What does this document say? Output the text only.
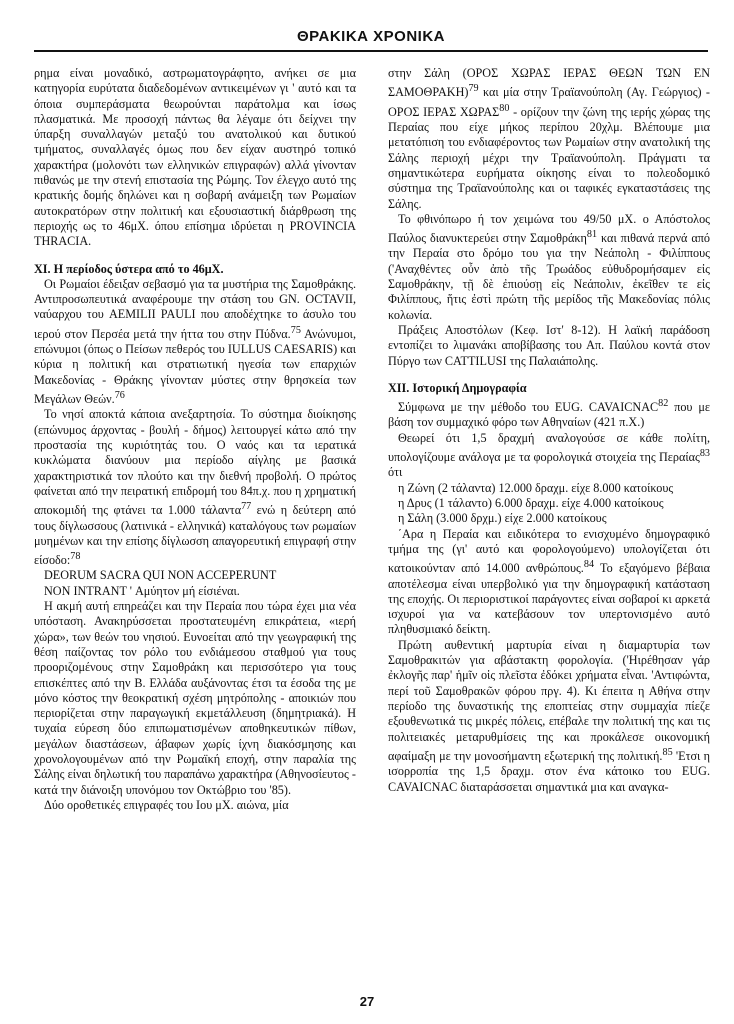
ΘΡΑΚΙΚΑ ΧΡΟΝΙΚΑ

ρημα είναι μοναδικό, αστρωματογράφητο, ανήκει σε μια κατηγορία ευρύτατα διαδεδομένων αντικειμένων γι ' αυτό και τα όποια συμπεράσματα θεωρούνται παράτολμα και ίσως πλασματικά. Με προσοχή πάντως θα λέγαμε ότι δείχνει την ύπαρξη συναλλαγών μεταξύ του ανατολικού και δυτικού τμήματος, συναλλαγές όμως που δεν είχαν αυστηρό τοπικό χαρακτήρα (μολονότι των ελληνικών επιγραφών) αλλά γίνονταν πιθανώς με την στενή επιστασία της Ρώμης. Τον έλεγχο αυτό της κρατικής δομής δηλώνει και η σοβαρή ανάμειξη των Ρωμαίων αυτοκρατόρων στην πολιτική και εξουσιαστική διάρθρωση της περιοχής ως το 46μΧ. όπου επίσημα ιδρύεται η PROVINCIA THRACIA.

XI. Η περίοδος ύστερα από το 46μΧ.

Οι Ρωμαίοι έδειξαν σεβασμό για τα μυστήρια της Σαμοθράκης. Αντιπροσωπευτικά αναφέρουμε την στάση του GN. OCTAVII, ναύαρχου του AEMILII PAULI που αποδέχτηκε το άσυλο του ιερού στον Περσέα μετά την ήττα του στην Πύδνα.$^{75}$ Ανώνυμοι, επώνυμοι (όπως ο Πείσων πεθερός του IULLUS CAESARIS) και κύρια η πολιτική και στρατιωτική ηγεσία των επαρχιών Μακεδονίας - Θράκης γίνονταν μύστες στην θρησκεία των Μεγάλων Θεών.$^{76}$

Το νησί αποκτά κάποια ανεξαρτησία. Το σύστημα διοίκησης (επώνυμος άρχοντας - βουλή - δήμος) λειτουργεί κάτω από την προστασία της κυριότητάς του. Ο ναός και τα ιερατικά κυκλώματα διανύουν μια περίοδο αίγλης με βασικά χαρακτηριστικά τον πλούτο και την διεθνή προβολή. Ο πρώτος φαίνεται από την πειρατική επιδρομή του 84π.χ. που η χρηματική αποκομιδή της φτάνει τα 1.000 τάλαντα$^{77}$ ενώ η δεύτερη από τους δίγλωσσους (λατινικά - ελληνικά) καταλόγους των ρωμαίων μυημένων και την επίσης δίγλωσση απαγορευτική επιγραφή στην είσοδο:$^{78}$

DEORUM SACRA QUI NON ACCEPERUNT

NON INTRANT ' Αμύητον μή είσιέναι.

Η ακμή αυτή επηρεάζει και την Περαία που τώρα έχει μια νέα υπόσταση. Ανακηρύσσεται προστατευμένη επικράτεια, «ιερή χώρα», των θεών του νησιού. Ευνοείται από την γεωγραφική της θέση παίζοντας τον ρόλο του ενδιάμεσου σταθμού για τους προοριζομένους στην Σαμοθράκη και περισσότερο για τους επισκέπτες από την Β. Ελλάδα αυξάνοντας έτσι τα έσοδα της με μόνο κόστος την θεοκρατική σχέση μητρόπολης - αποικιών που περιορίζεται στην παραγωγική εκμετάλλευση (δημητριακά). Η τυχαία εύρεση δύο επιπωματισμένων αποθηκευτικών πίθων, μεγάλων διαστάσεων, άβαφων χωρίς ίχνη διακόσμησης και χρονολογουμένων από την Ρωμαϊκή εποχή, στην παραλία της Σάλης είναι δηλωτική του παραπάνω χαρακτήρα (Αθηνοσίευτος - κατά την διάνοιξη υπονόμου τον Οκτώβριο του '85).

Δύο οροθετικές επιγραφές του Ιου μΧ. αιώνα, μία

στην Σάλη (ΟΡΟΣ ΧΩΡΑΣ ΙΕΡΑΣ ΘΕΩΝ ΤΩΝ ΕΝ ΣΑΜΟΘΡΑΚΗ)$^{79}$ και μία στην Τραϊανούπολη (Αγ. Γεώργιος) - ΟΡΟΣ ΙΕΡΑΣ ΧΩΡΑΣ$^{80}$ - ορίζουν την ζώνη της ιερής χώρας της Περαίας που είχε μήκος περίπου 20χλμ. Βλέπουμε μια μετατόπιση του ενδιαφέροντος των Ρωμαίων στην ανατολική της Σάλης περιοχή μέχρι την Τραϊανούπολη. Πράγματι τα σημαντικώτερα ευρήματα οίκησης είναι το πολεοδομικό σύστημα της Τραϊανούπολης και οι ταφικές εγκαταστάσεις της Σάλης.

Το φθινόπωρο ή τον χειμώνα του 49/50 μΧ. ο Απόστολος Παύλος διανυκτερεύει στην Σαμοθράκη$^{81}$ και πιθανά περνά από την Περαία στο δρόμο του για την Νεάπολη - Φιλίππους ('Αναχθέντες οὖν ἀπὸ τῆς Τρωάδος εὐθυδρομήσαμεν εἰς Σαμοθράκην, τῇ δὲ ἐπιούσῃ εἰς Νεάπολιν, ἐκεῖθεν τε εἰς Φιλίππους, ἥτις ἐστὶ πρώτη τῆς μερίδος τῆς Μακεδονίας πόλις κολωνία.

Πράξεις Αποστόλων (Κεφ. Ιστ' 8-12). Η λαϊκή παράδοση εντοπίζει το λιμανάκι αποβίβασης του Απ. Παύλου κοντά στον Πύργο των CATTILUSI της Παλαιάπολης.

XII. Ιστορική Δημογραφία

Σύμφωνα με την μέθοδο του EUG. CAVAICNAC$^{82}$ που με βάση τον συμμαχικό φόρο των Αθηναίων (421 π.Χ.)

Θεωρεί ότι 1,5 δραχμή αναλογούσε σε κάθε πολίτη, υπολογίζουμε ανάλογα με τα φορολογικά στοιχεία της Περαίας$^{83}$ ότι

η Ζώνη (2 τάλαντα) 12.000 δραχμ. είχε 8.000 κατοίκους

η Δρυς (1 τάλαντο) 6.000 δραχμ. είχε 4.000 κατοίκους

η Σάλη (3.000 δρχμ.) είχε 2.000 κατοίκους

΄Αρα η Περαία και ειδικότερα το ενισχυμένο δημογραφικό τμήμα της (γι' αυτό και φορολογούμενο) υπολογίζεται ότι κατοικούνταν από 14.000 ανθρώπους.$^{84}$ Το εξαγόμενο βέβαια αποτέλεσμα είναι υπερβολικό για την δημογραφική κατάσταση της εποχής. Οι περιοριστικοί παράγοντες είναι σοβαροί κι αρκετά ισχυροί για να κατεβάσουν τον υπερτονισμένο αυτό πληθυσμιακό δείκτη.

Πρώτη αυθεντική μαρτυρία είναι η διαμαρτυρία των Σαμοθρακιτών για αβάστακτη φορολογία. ('Ηιρέθησαν γάρ ἐκλογῆς παρ' ἡμῖν οἱς πλεῖστα ἐδόκει χρήματα εἶναι. 'Αντιφώντα, περί τοῦ Σαμοθρακῶν φόρου πργ. 4). Κι έπειτα η Αθήνα στην περίοδο της δυναστικής της εποπτείας στην συμμαχία πίεζε εξουθενωτικά τις μικρές πόλεις, επέβαλε την πολιτική της και τις πολιτειακές μεταρυθμίσεις της και προκάλεσε οικονομική αφαίμαξη με την μονοσήμαντη εξωτερική της πολιτική.$^{85}$ 'Ετσι η ισορροπία της 1,5 δραχμ. στον ένα κάτοικο του EUG. CAVAICNAC διαταράσσεται σημαντικά μια και αναγκα-

27
